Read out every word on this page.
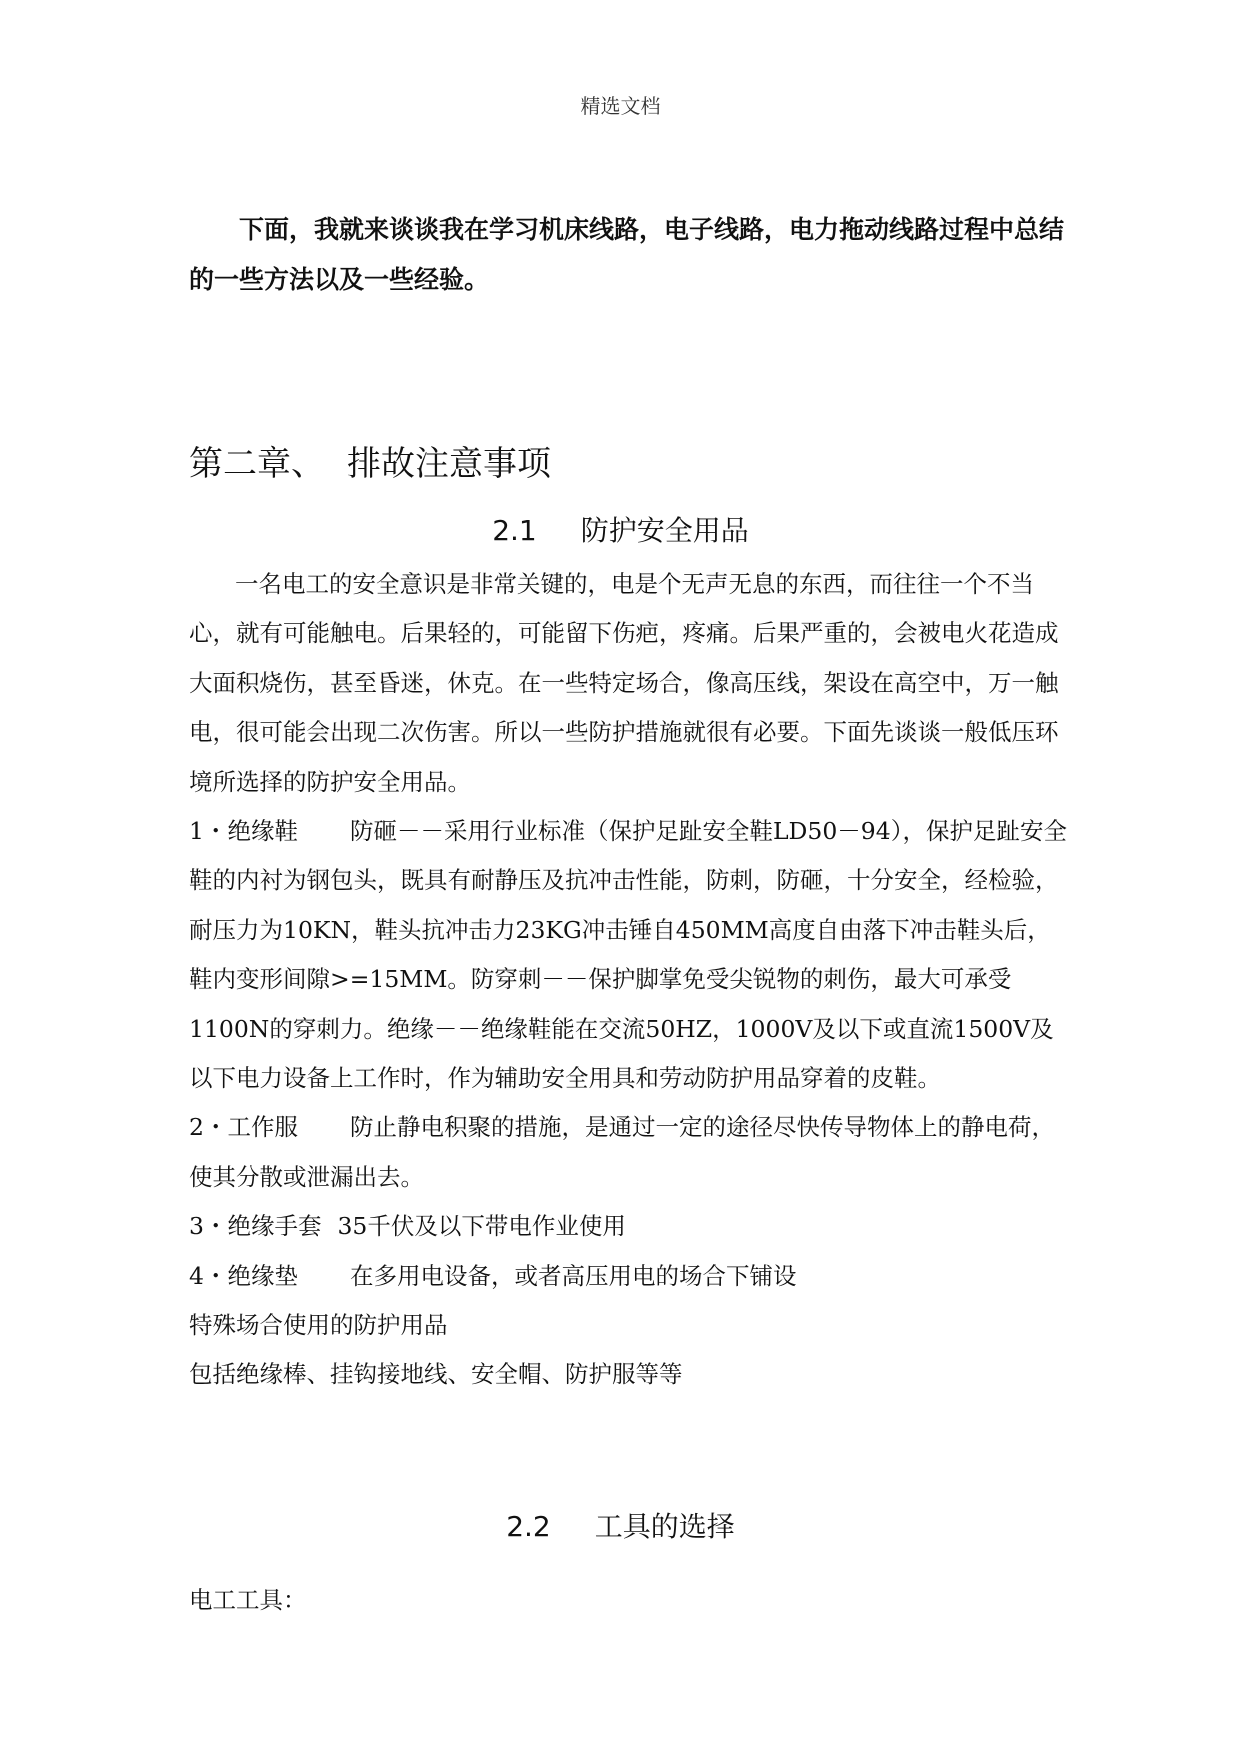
精选文档

下面，我就来谈谈我在学习机床线路，电子线路，电力拖动线路过程中总结的一些方法以及一些经验。

第二章、 排故注意事项
2.1 防护安全用品

一名电工的安全意识是非常关键的，电是个无声无息的东西，而往往一个不当心，就有可能触电。后果轻的，可能留下伤疤，疼痛。后果严重的，会被电火花造成大面积烧伤，甚至昏迷，休克。在一些特定场合，像高压线，架设在高空中，万一触电，很可能会出现二次伤害。所以一些防护措施就很有必要。下面先谈谈一般低压环境所选择的防护安全用品。

1・绝缘鞋 防砸－－采用行业标准（保护足趾安全鞋LD50－94），保护足趾安全鞋的内衬为钢包头，既具有耐静压及抗冲击性能，防刺，防砸，十分安全，经检验，耐压力为10KN，鞋头抗冲击力23KG冲击锤自450MM高度自由落下冲击鞋头后，鞋内变形间隙>=15MM。防穿刺－－保护脚掌免受尖锐物的刺伤，最大可承受1100N的穿刺力。绝缘－－绝缘鞋能在交流50HZ，1000V及以下或直流1500V及以下电力设备上工作时，作为辅助安全用具和劳动防护用品穿着的皮鞋。

2・工作服 防止静电积聚的措施，是通过一定的途径尽快传导物体上的静电荷，使其分散或泄漏出去。

3・绝缘手套 35千伏及以下带电作业使用

4・绝缘垫 在多用电设备，或者高压用电的场合下铺设

特殊场合使用的防护用品

包括绝缘棒、挂钩接地线、安全帽、防护服等等

2.2 工具的选择

电工工具：
